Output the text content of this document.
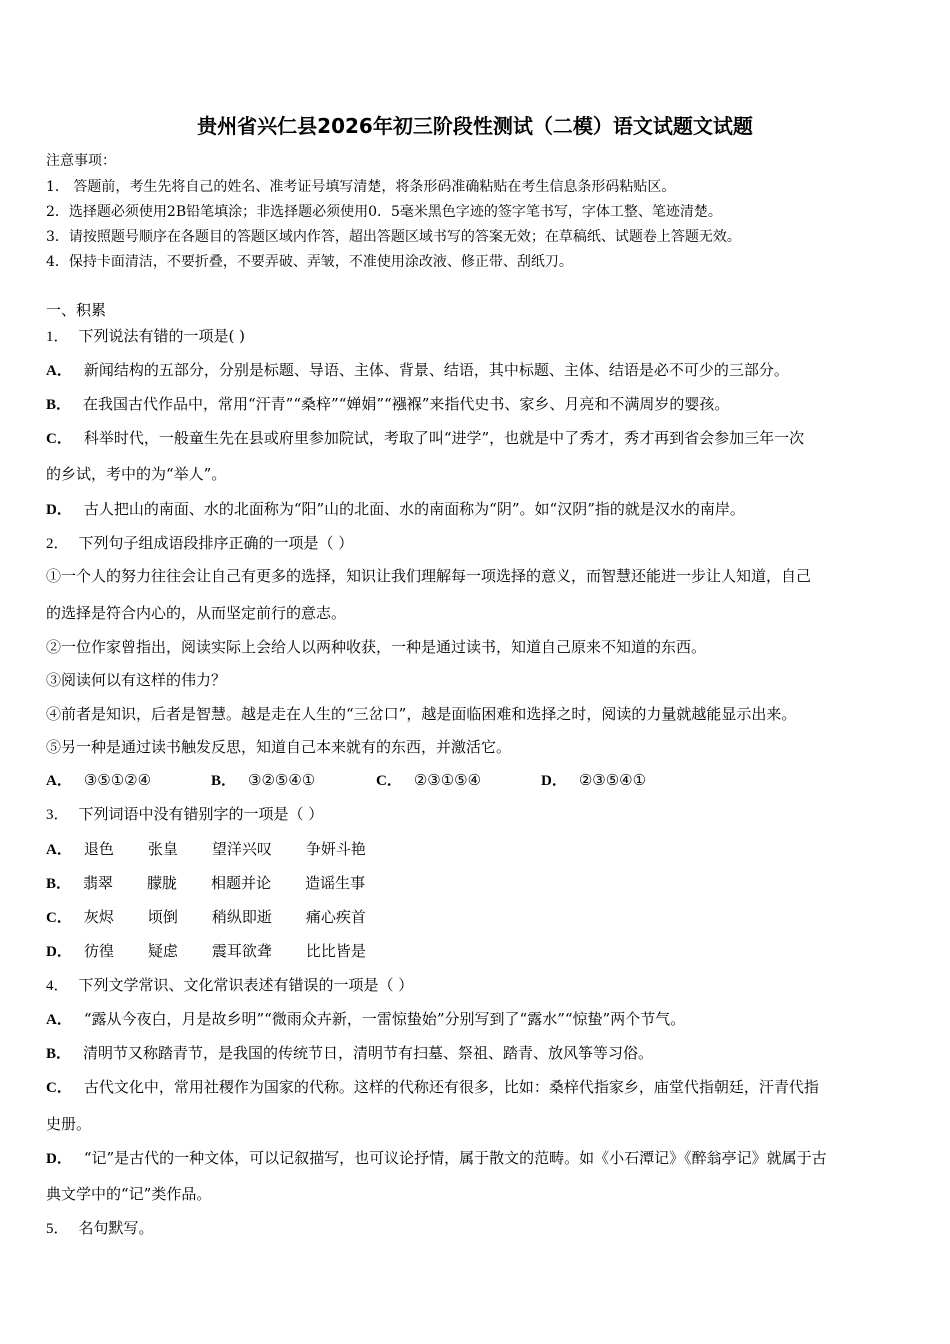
贵州省兴仁县2026年初三阶段性测试（二模）语文试题文试题
注意事项：
1． 答题前，考生先将自己的姓名、准考证号填写清楚，将条形码准确粘贴在考生信息条形码粘贴区。
2．选择题必须使用2B铅笔填涂；非选择题必须使用0．5毫米黑色字迹的签字笔书写，字体工整、笔迹清楚。
3．请按照题号顺序在各题目的答题区域内作答，超出答题区域书写的答案无效；在草稿纸、试题卷上答题无效。
4．保持卡面清洁，不要折叠，不要弄破、弄皱，不准使用涂改液、修正带、刮纸刀。
一、积累
1． 下列说法有错的一项是( )
A． 新闻结构的五部分，分别是标题、导语、主体、背景、结语，其中标题、主体、结语是必不可少的三部分。
B． 在我国古代作品中，常用“汗青”“桑梓”“婵娟”“襁褓”来指代史书、家乡、月亮和不满周岁的婴孩。
C． 科举时代，一般童生先在县或府里参加院试，考取了叫“进学”，也就是中了秀才，秀才再到省会参加三年一次
的乡试，考中的为“举人”。
D． 古人把山的南面、水的北面称为“阳”山的北面、水的南面称为“阴”。如“汉阴”指的就是汉水的南岸。
2． 下列句子组成语段排序正确的一项是（ ）
①一个人的努力往往会让自己有更多的选择，知识让我们理解每一项选择的意义，而智慧还能进一步让人知道，自己
的选择是符合内心的，从而坚定前行的意志。
②一位作家曾指出，阅读实际上会给人以两种收获，一种是通过读书，知道自己原来不知道的东西。
③阅读何以有这样的伟力？
④前者是知识，后者是智慧。越是走在人生的“三岔口”，越是面临困难和选择之时，阅读的力量就越能显示出来。
⑤另一种是通过读书触发反思，知道自己本来就有的东西，并激活它。
A． ③⑤①②④	B． ③②⑤④①	C． ②③①⑤④	D． ②③⑤④①
3． 下列词语中没有错别字的一项是（ ）
A． 退色 张皇 望洋兴叹 争妍斗艳
B． 翡翠 朦胧 相题并论 造谣生事
C． 灰烬 顷倒 稍纵即逝 痛心疾首
D． 彷徨 疑虑 震耳欲聋 比比皆是
4． 下列文学常识、文化常识表述有错误的一项是（ ）
A． “露从今夜白，月是故乡明”“微雨众卉新，一雷惊蛰始”分别写到了“露水”“惊蛰”两个节气。
B． 清明节又称踏青节，是我国的传统节日，清明节有扫墓、祭祖、踏青、放风筝等习俗。
C． 古代文化中，常用社稷作为国家的代称。这样的代称还有很多，比如：桑梓代指家乡，庙堂代指朝廷，汗青代指
史册。
D． “记”是古代的一种文体，可以记叙描写，也可议论抒情，属于散文的范畴。如《小石潭记》《醉翁亭记》就属于古
典文学中的“记”类作品。
5． 名句默写。
